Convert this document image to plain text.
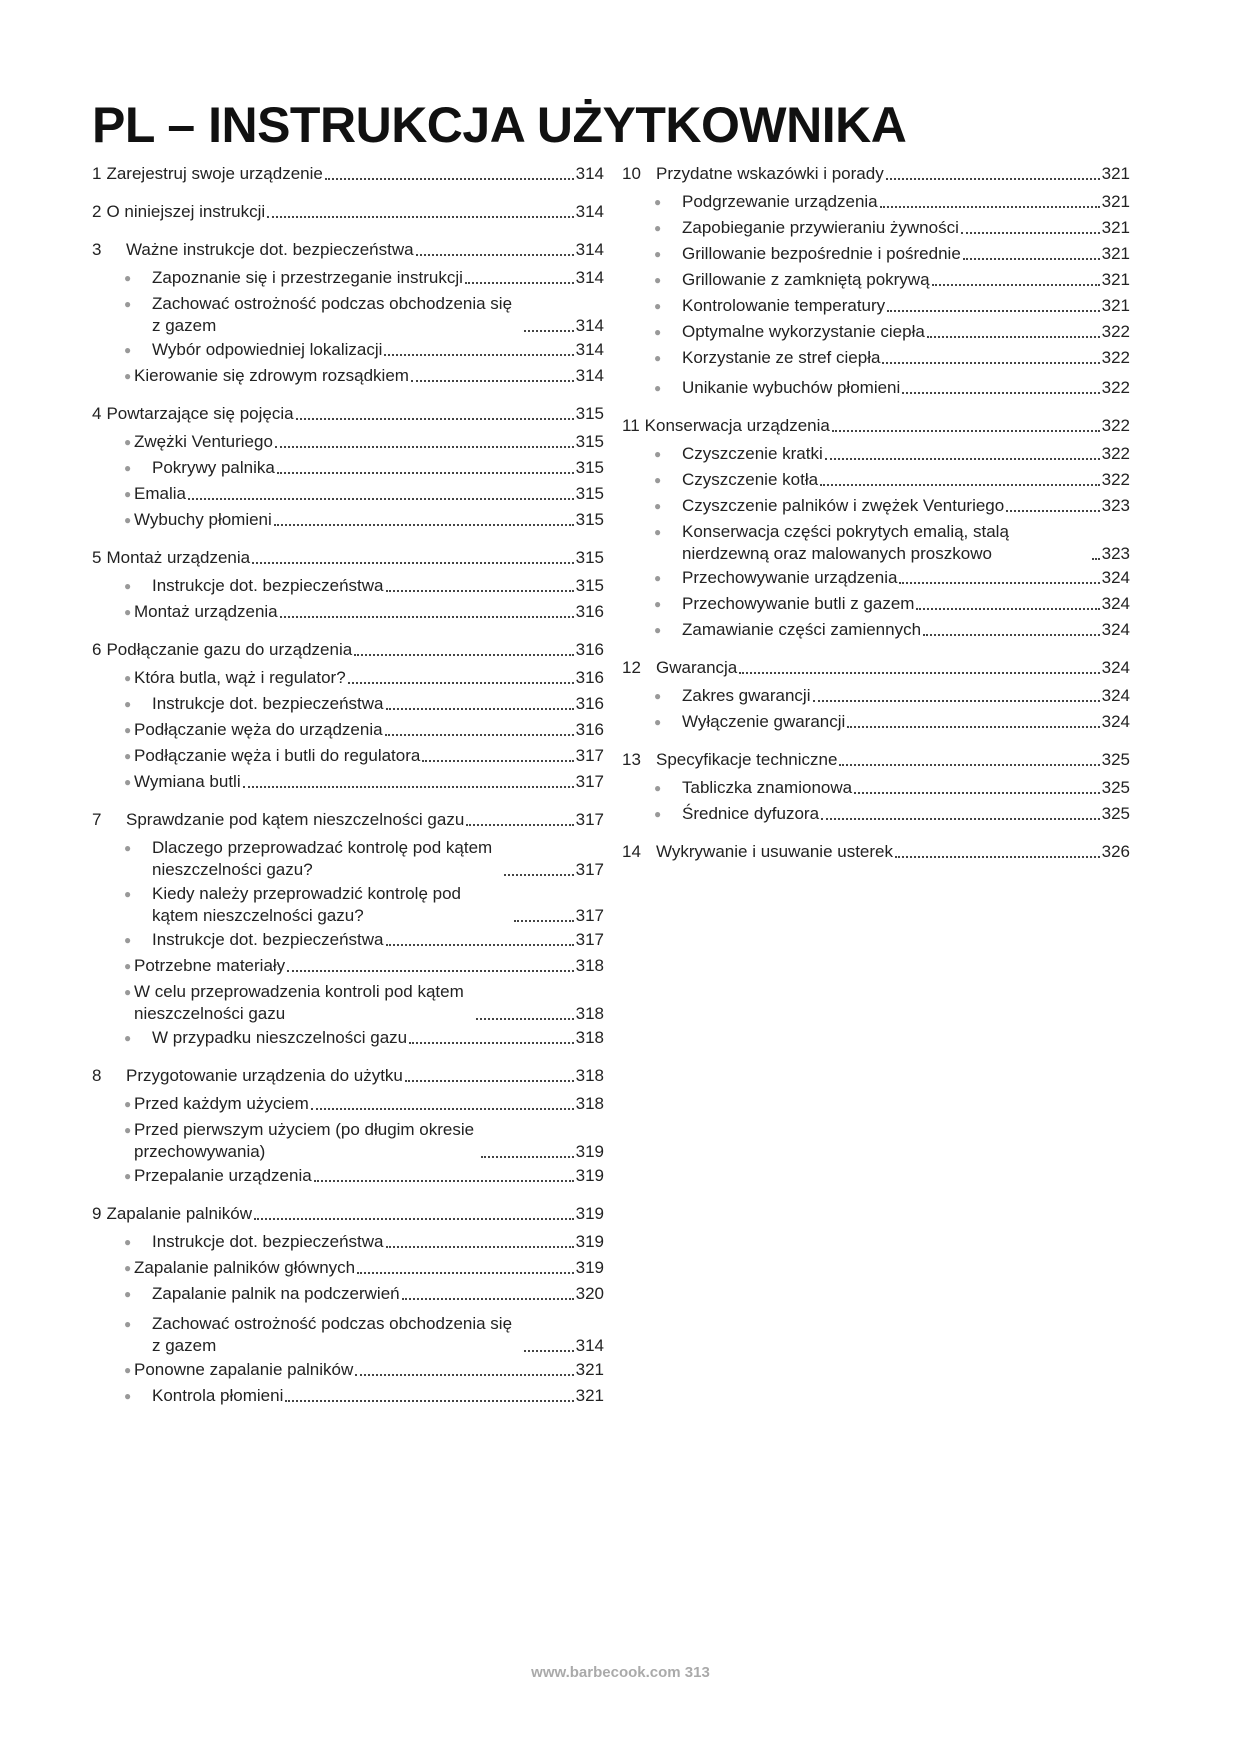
PL – INSTRUKCJA UŻYTKOWNIKA
1 Zarejestruj swoje urządzenie	314
2 O niniejszej instrukcji	314
3	Ważne instrukcje dot. bezpieczeństwa	314
● Zapoznanie się i przestrzeganie instrukcji	314
● Zachować ostrożność podczas obchodzenia się z gazem	314
● Wybór odpowiedniej lokalizacji	314
● Kierowanie się zdrowym rozsądkiem	314
4 Powtarzające się pojęcia	315
● Zwężki Venturiego	315
● Pokrywy palnika	315
● Emalia	315
● Wybuchy płomieni	315
5 Montaż urządzenia	315
● Instrukcje dot. bezpieczeństwa	315
● Montaż urządzenia	316
6 Podłączanie gazu do urządzenia	316
● Która butla, wąż i regulator?	316
● Instrukcje dot. bezpieczeństwa	316
● Podłączanie węża do urządzenia	316
● Podłączanie węża i butli do regulatora	317
● Wymiana butli	317
7	Sprawdzanie pod kątem nieszczelności gazu	317
● Dlaczego przeprowadzać kontrolę pod kątem nieszczelności gazu?	317
● Kiedy należy przeprowadzić kontrolę pod kątem nieszczelności gazu?	317
● Instrukcje dot. bezpieczeństwa	317
● Potrzebne materiały	318
● W celu przeprowadzenia kontroli pod kątem nieszczelności gazu	318
● W przypadku nieszczelności gazu	318
8	Przygotowanie urządzenia do użytku	318
● Przed każdym użyciem	318
● Przed pierwszym użyciem (po długim okresie przechowywania)	319
● Przepalanie urządzenia	319
9 Zapalanie palników	319
● Instrukcje dot. bezpieczeństwa	319
● Zapalanie palników głównych	319
● Zapalanie palnik na podczerwień	320
● Zachować ostrożność podczas obchodzenia się z gazem	314
● Ponowne zapalanie palników	321
● Kontrola płomieni	321
10 Przydatne wskazówki i porady	321
● Podgrzewanie urządzenia	321
● Zapobieganie przywieraniu żywności	321
● Grillowanie bezpośrednie i pośrednie	321
● Grillowanie z zamkniętą pokrywą	321
● Kontrolowanie temperatury	321
● Optymalne wykorzystanie ciepła	322
● Korzystanie ze stref ciepła	322
● Unikanie wybuchów płomieni	322
11 Konserwacja urządzenia	322
● Czyszczenie kratki	322
● Czyszczenie kotła	322
● Czyszczenie palników i zwężek Venturiego	323
● Konserwacja części pokrytych emalią, stalą nierdzewną oraz malowanych proszkowo	323
● Przechowywanie urządzenia	324
● Przechowywanie butli z gazem	324
● Zamawianie części zamiennych	324
12 Gwarancja	324
● Zakres gwarancji	324
● Wyłączenie gwarancji	324
13 Specyfikacje techniczne	325
● Tabliczka znamionowa	325
● Średnice dyfuzora	325
14 Wykrywanie i usuwanie usterek	326
www.barbecook.com 313
